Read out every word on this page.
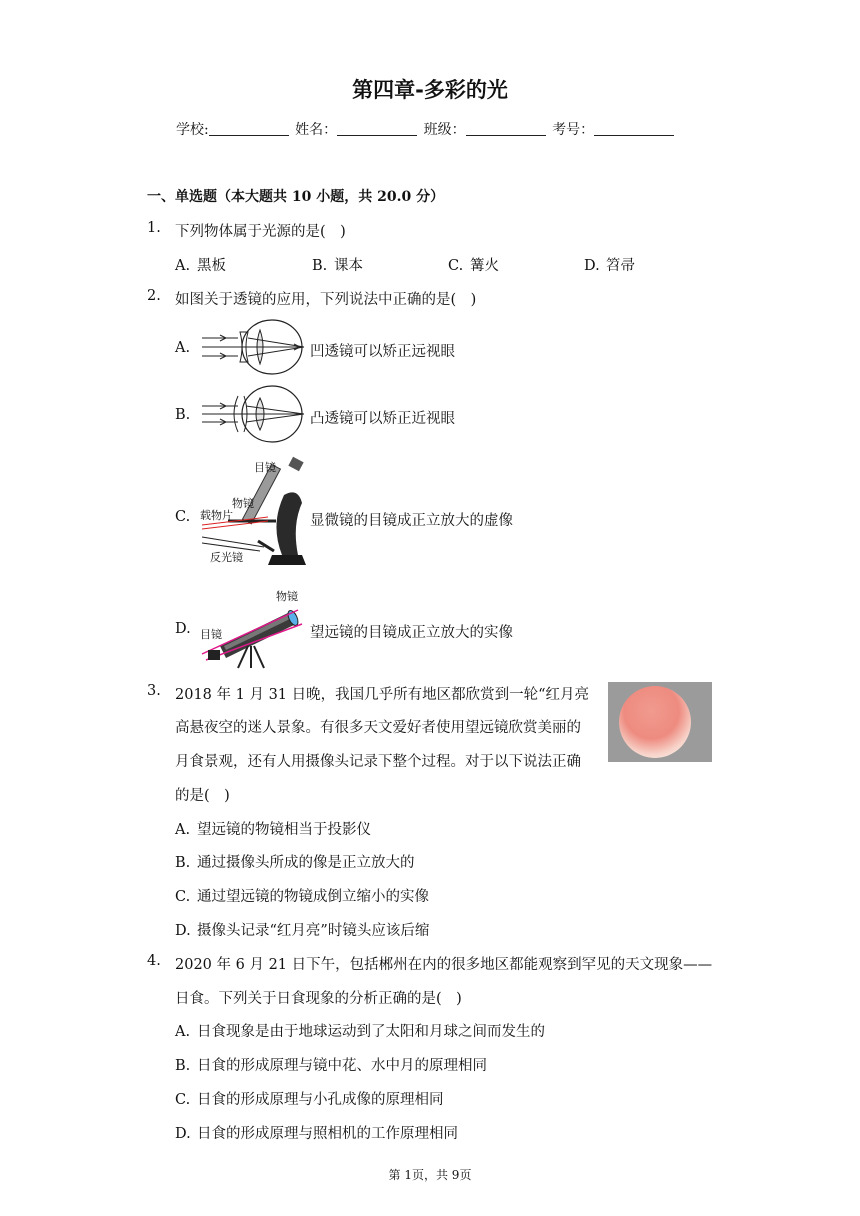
第四章-多彩的光
学校:	姓名：	班级：	考号：
一、单选题（本大题共 10 小题，共 20.0 分）
1. 下列物体属于光源的是(　)
A. 黑板	B. 课本	C. 篝火	D. 笤帚
2. 如图关于透镜的应用，下列说法中正确的是(　)
A.	凹透镜可以矫正远视眼
B.	凸透镜可以矫正近视眼
C.
目镜
物镜
载物片
反光镜
显微镜的目镜成正立放大的虚像
D.
物镜
目镜	望远镜的目镜成正立放大的实像
3. 2018 年 1 月 31 日晚，我国几乎所有地区都欣赏到一轮“红月亮
高悬夜空的迷人景象。有很多天文爱好者使用望远镜欣赏美丽的
月食景观，还有人用摄像头记录下整个过程。对于以下说法正确
的是(　)
A. 望远镜的物镜相当于投影仪
B. 通过摄像头所成的像是正立放大的
C. 通过望远镜的物镜成倒立缩小的实像
D. 摄像头记录“红月亮”时镜头应该后缩
4. 2020 年 6 月 21 日下午，包括郴州在内的很多地区都能观察到罕见的天文现象——
日食。下列关于日食现象的分析正确的是(　)
A. 日食现象是由于地球运动到了太阳和月球之间而发生的
B. 日食的形成原理与镜中花、水中月的原理相同
C. 日食的形成原理与小孔成像的原理相同
D. 日食的形成原理与照相机的工作原理相同
第 1页，共 9页
